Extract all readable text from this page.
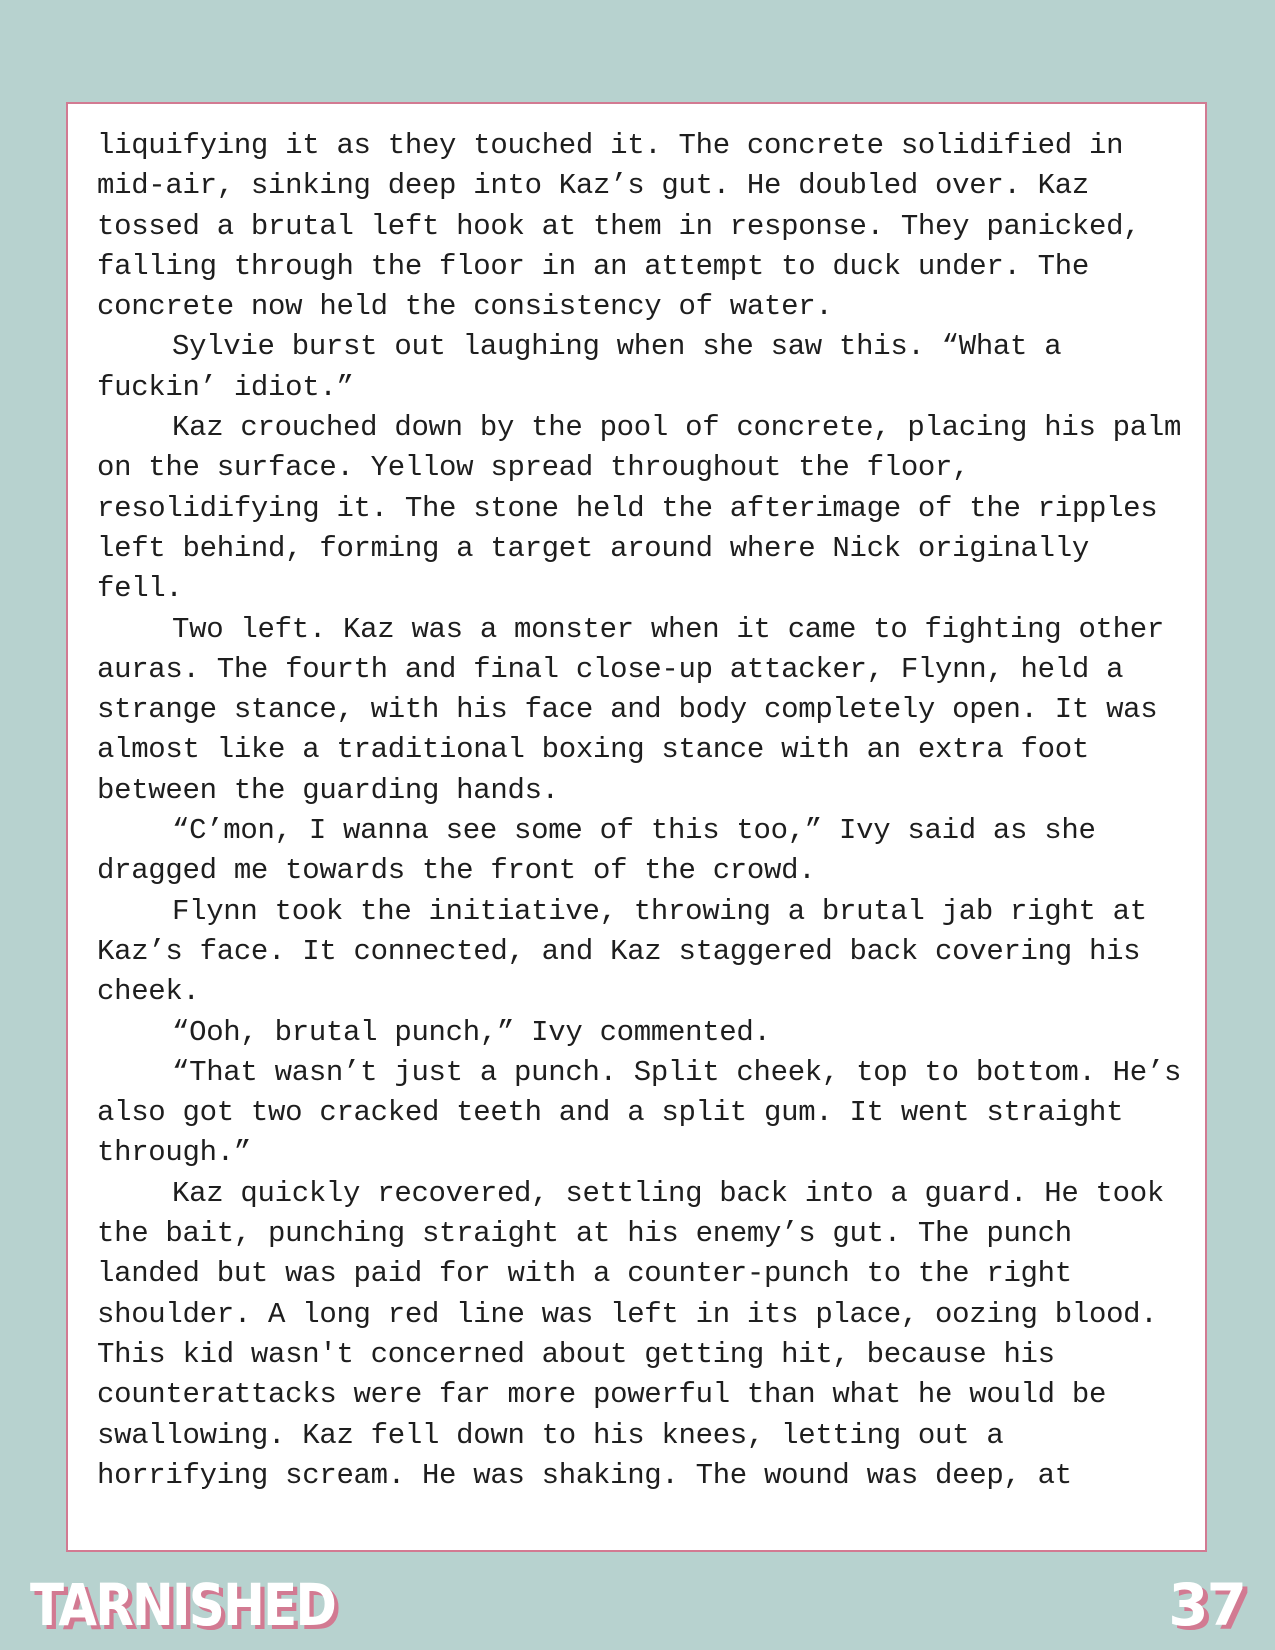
liquifying it as they touched it. The concrete solidified in mid-air, sinking deep into Kaz’s gut. He doubled over. Kaz tossed a brutal left hook at them in response. They panicked, falling through the floor in an attempt to duck under. The concrete now held the consistency of water.

Sylvie burst out laughing when she saw this. “What a fuckin’ idiot.”

Kaz crouched down by the pool of concrete, placing his palm on the surface. Yellow spread throughout the floor, resolidifying it. The stone held the afterimage of the ripples left behind, forming a target around where Nick originally fell.

Two left. Kaz was a monster when it came to fighting other auras. The fourth and final close-up attacker, Flynn, held a strange stance, with his face and body completely open. It was almost like a traditional boxing stance with an extra foot between the guarding hands.

“C’mon, I wanna see some of this too,” Ivy said as she dragged me towards the front of the crowd.

Flynn took the initiative, throwing a brutal jab right at Kaz’s face. It connected, and Kaz staggered back covering his cheek.

“Ooh, brutal punch,” Ivy commented.

“That wasn’t just a punch. Split cheek, top to bottom. He’s also got two cracked teeth and a split gum. It went straight through.”

Kaz quickly recovered, settling back into a guard. He took the bait, punching straight at his enemy’s gut. The punch landed but was paid for with a counter-punch to the right shoulder. A long red line was left in its place, oozing blood. This kid wasn't concerned about getting hit, because his counterattacks were far more powerful than what he would be swallowing. Kaz fell down to his knees, letting out a horrifying scream. He was shaking. The wound was deep, at

TARNISHED	37
